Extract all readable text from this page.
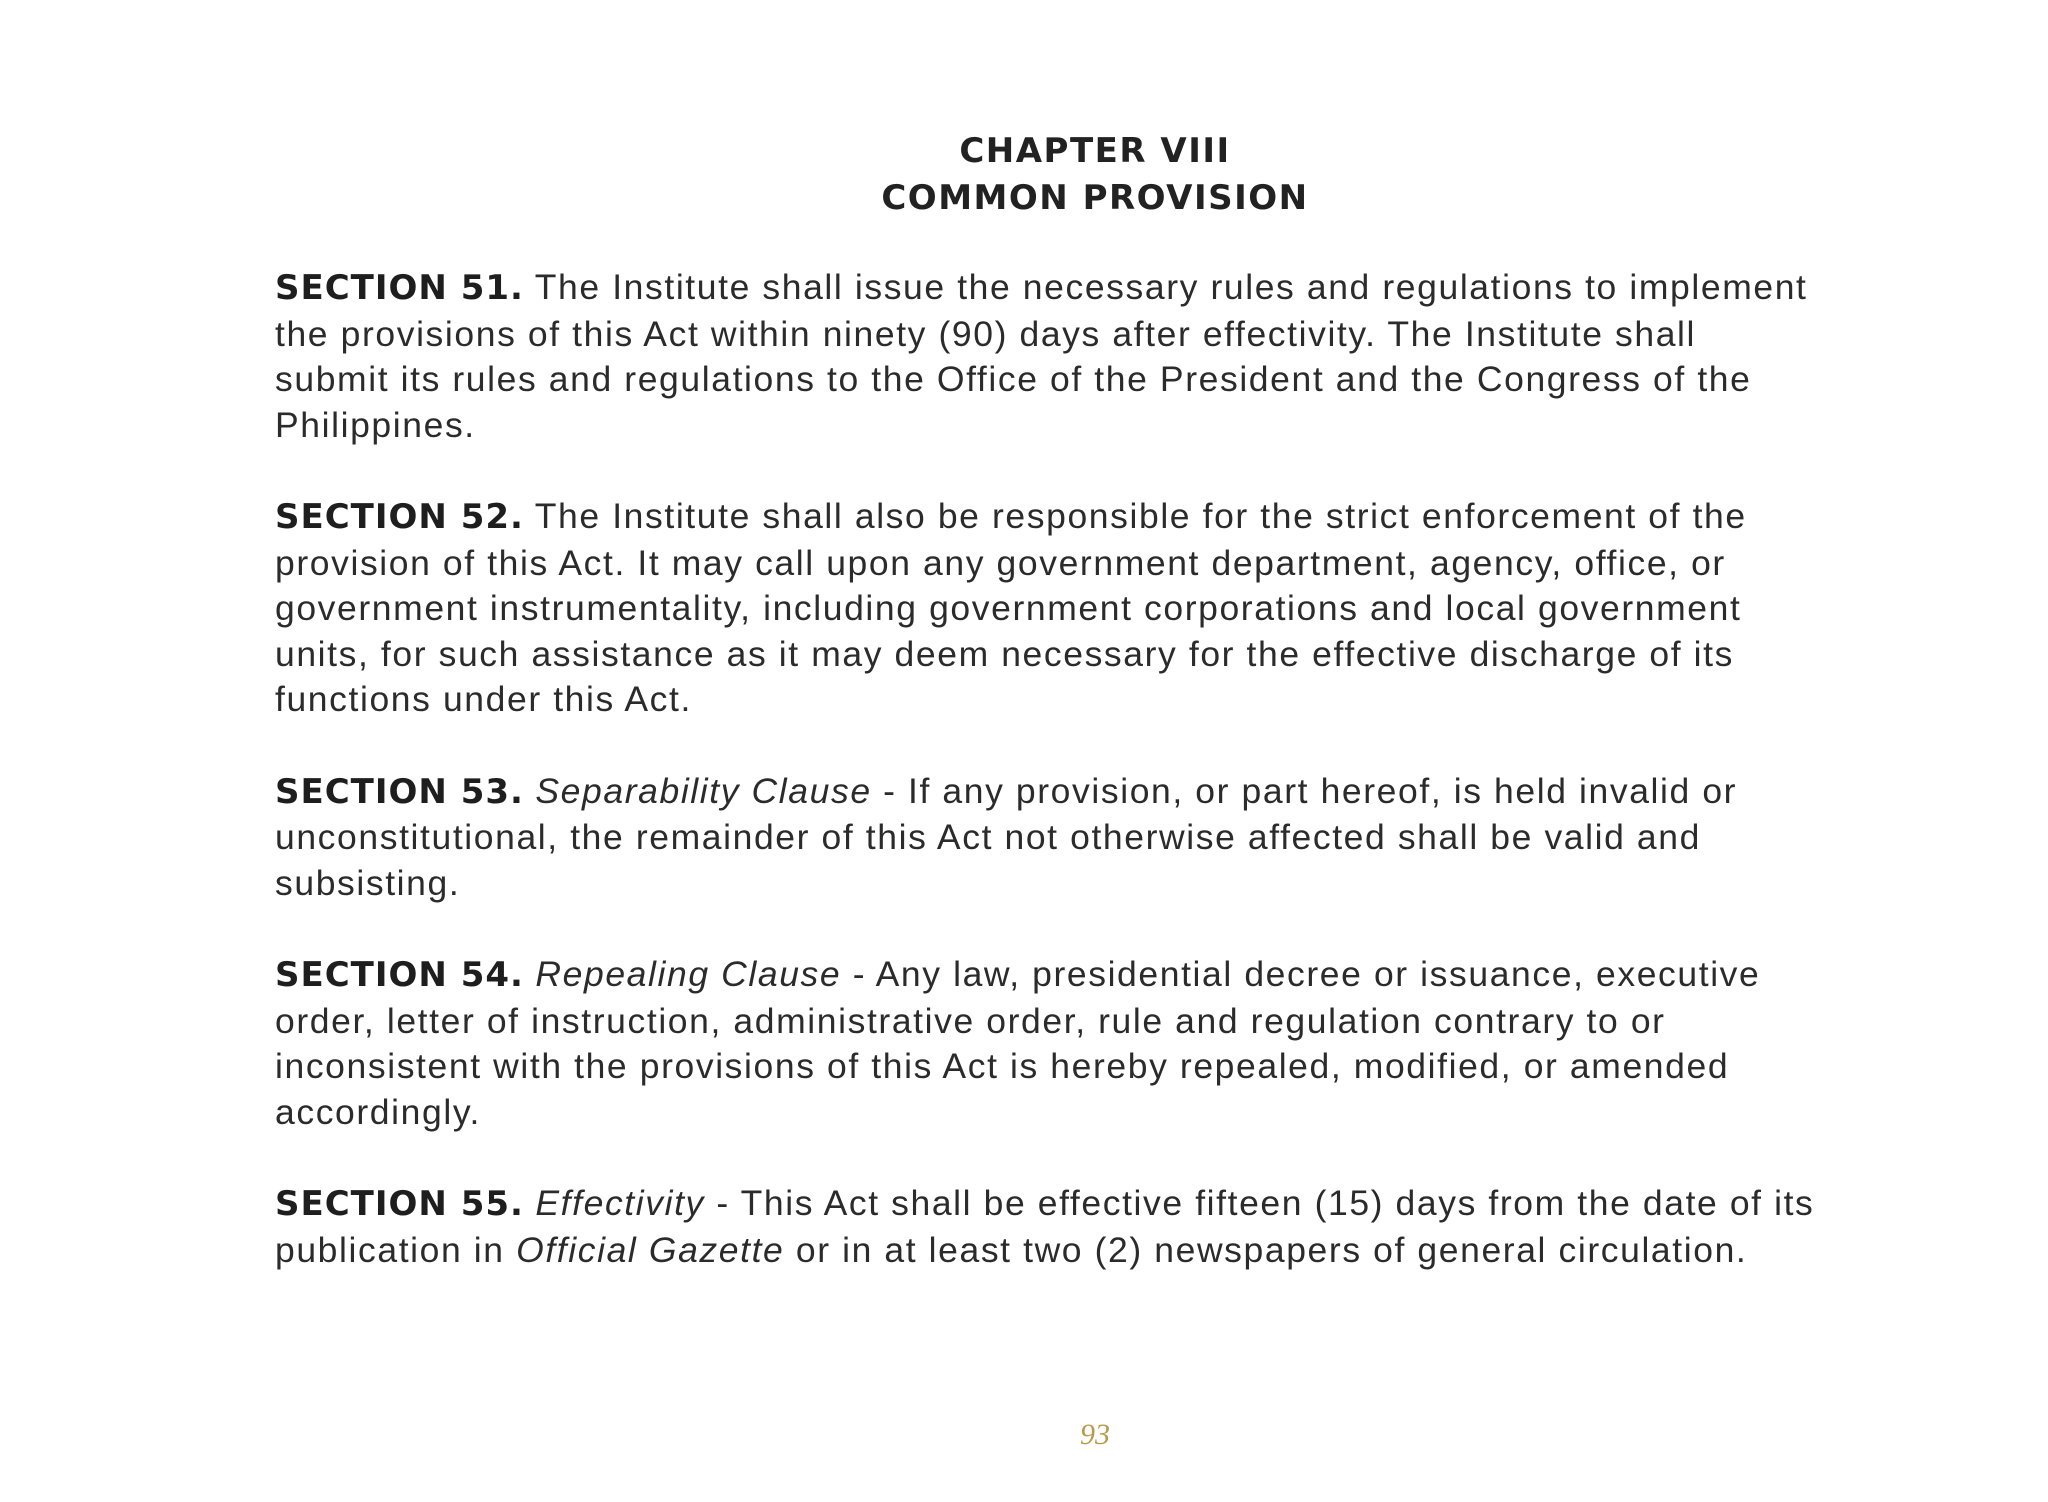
CHAPTER VIII
COMMON PROVISION
SECTION 51. The Institute shall issue the necessary rules and regulations to implement
the provisions of this Act within ninety (90) days after effectivity. The Institute shall
submit its rules and regulations to the Office of the President and the Congress of the
Philippines.
SECTION 52. The Institute shall also be responsible for the strict enforcement of the
provision of this Act. It may call upon any government department, agency, office, or
government instrumentality, including government corporations and local government
units, for such assistance as it may deem necessary for the effective discharge of its
functions under this Act.
SECTION 53. Separability Clause - If any provision, or part hereof, is held invalid or
unconstitutional, the remainder of this Act not otherwise affected shall be valid and
subsisting.
SECTION 54. Repealing Clause - Any law, presidential decree or issuance, executive
order, letter of instruction, administrative order, rule and regulation contrary to or
inconsistent with the provisions of this Act is hereby repealed, modified, or amended
accordingly.
SECTION 55. Effectivity - This Act shall be effective fifteen (15) days from the date of its
publication in Official Gazette or in at least two (2) newspapers of general circulation.
93
